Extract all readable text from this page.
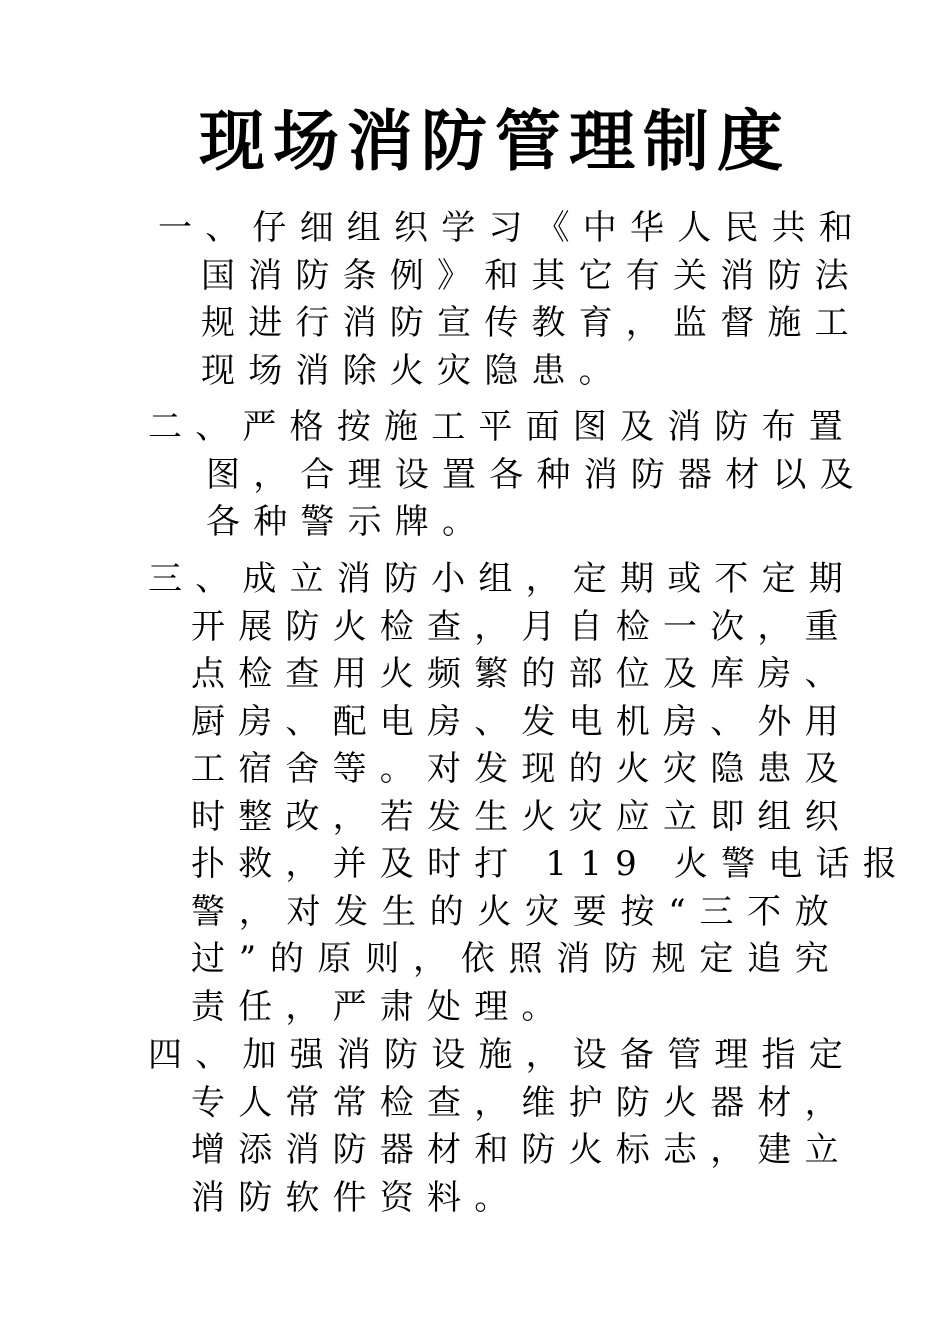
现场消防管理制度
一、仔细组织学习《中华人民共和
国消防条例》和其它有关消防法
规进行消防宣传教育，监督施工
现场消除火灾隐患。
二、严格按施工平面图及消防布置
图，合理设置各种消防器材以及
各种警示牌。
三、成立消防小组，定期或不定期
开展防火检查，月自检一次，重
点检查用火频繁的部位及库房、
厨房、配电房、发电机房、外用
工宿舍等。对发现的火灾隐患及
时整改，若发生火灾应立即组织
扑救，并及时打 119 火警电话报
警，对发生的火灾要按“三不放
过”的原则，依照消防规定追究
责任，严肃处理。
四、加强消防设施，设备管理指定
专人常常检查，维护防火器材，
增添消防器材和防火标志，建立
消防软件资料。
